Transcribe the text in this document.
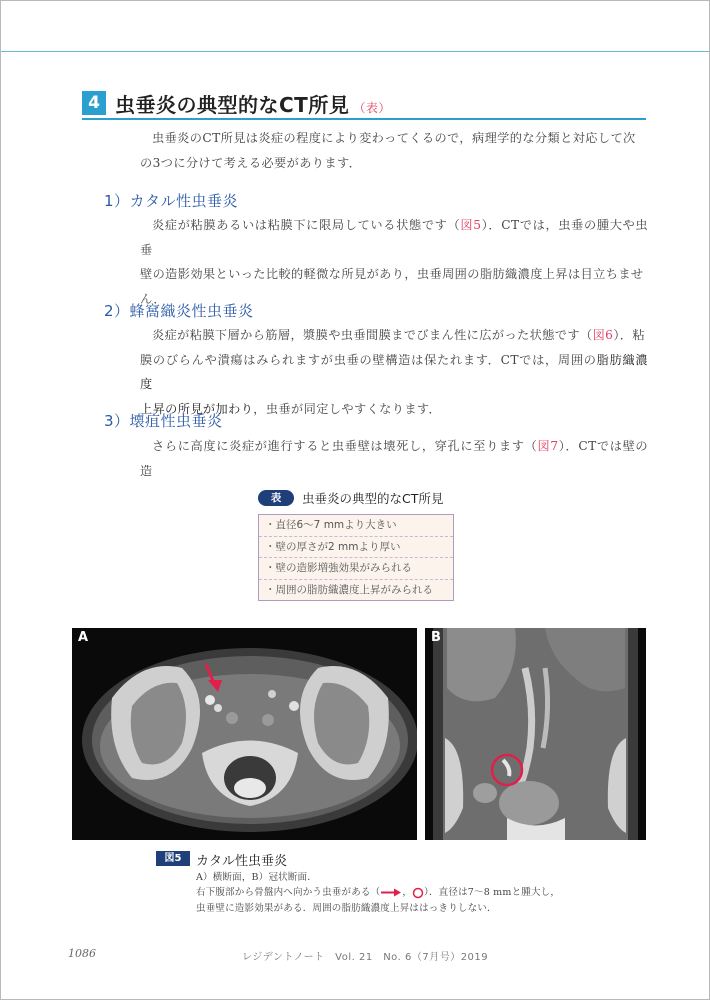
4 虫垂炎の典型的なCT所見 （表）
虫垂炎のCT所見は炎症の程度により変わってくるので，病理学的な分類と対応して次
の3つに分けて考える必要があります．
1）カタル性虫垂炎
炎症が粘膜あるいは粘膜下に限局している状態です（図5）．CTでは，虫垂の腫大や虫垂
壁の造影効果といった比較的軽微な所見があり，虫垂周囲の脂肪織濃度上昇は目立ちませ
ん．
2）蜂窩織炎性虫垂炎
炎症が粘膜下層から筋層，漿膜や虫垂間膜までびまん性に広がった状態です（図6）．粘
膜のびらんや潰瘍はみられますが虫垂の壁構造は保たれます．CTでは，周囲の脂肪織濃度
上昇の所見が加わり，虫垂が同定しやすくなります．
3）壊疽性虫垂炎
さらに高度に炎症が進行すると虫垂壁は壊死し，穿孔に至ります（図7）．CTでは壁の造
表	虫垂炎の典型的なCT所見
・直径6～7 mmより大きい
・壁の厚さが2 mmより厚い
・壁の造影増強効果がみられる
・周囲の脂肪織濃度上昇がみられる
A	B
図5	カタル性虫垂炎
A）横断面，B）冠状断面．
右下腹部から骨盤内へ向かう虫垂がある（ ， ）．直径は7～8 mmと腫大し，
虫垂壁に造影効果がある．周囲の脂肪織濃度上昇ははっきりしない．
1086	レジデントノート　Vol. 21　No. 6（7月号）2019
